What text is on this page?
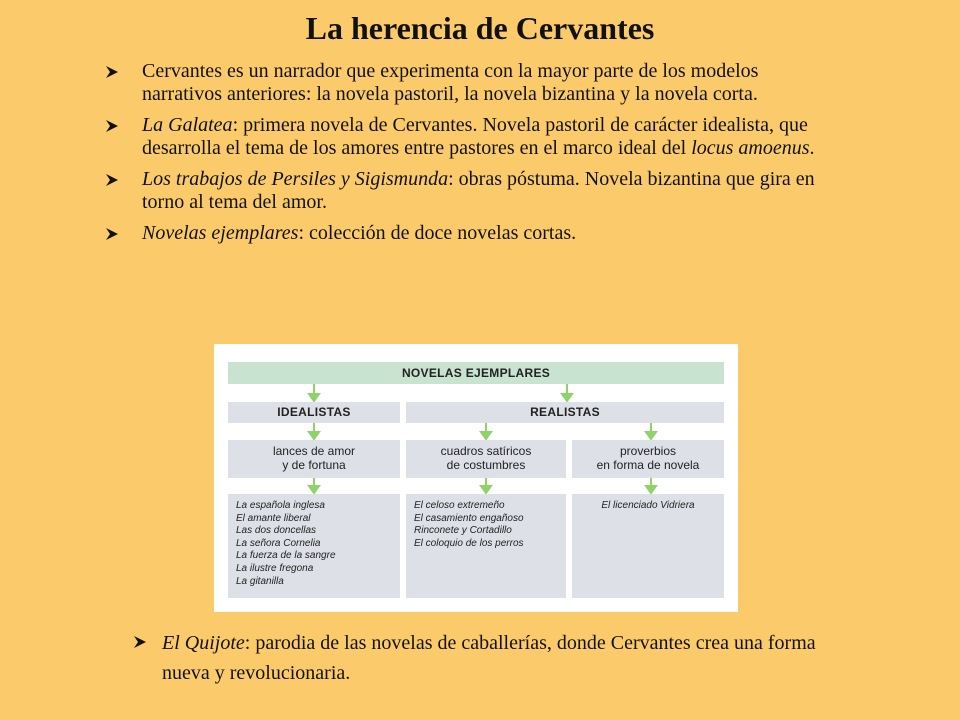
La herencia de Cervantes
Cervantes es un narrador que experimenta con la mayor parte de los modelos narrativos anteriores: la novela pastoril, la novela bizantina y la novela corta.
La Galatea: primera novela de Cervantes. Novela pastoril de carácter idealista, que desarrolla el tema de los amores entre pastores en el marco ideal del locus amoenus.
Los trabajos de Persiles y Sigismunda: obras póstuma. Novela bizantina que gira en torno al tema del amor.
Novelas ejemplares: colección de doce novelas cortas.
NOVELAS EJEMPLARES
IDEALISTAS	REALISTAS
lances de amor
y de fortuna
cuadros satíricos
de costumbres
proverbios
en forma de novela
La española inglesa
El amante liberal
Las dos doncellas
La señora Cornelia
La fuerza de la sangre
La ilustre fregona
La gitanilla
El celoso extremeño
El casamiento engañoso
Rinconete y Cortadillo
El coloquio de los perros
El licenciado Vidriera
El Quijote: parodia de las novelas de caballerías, donde Cervantes crea una forma nueva y revolucionaria.
